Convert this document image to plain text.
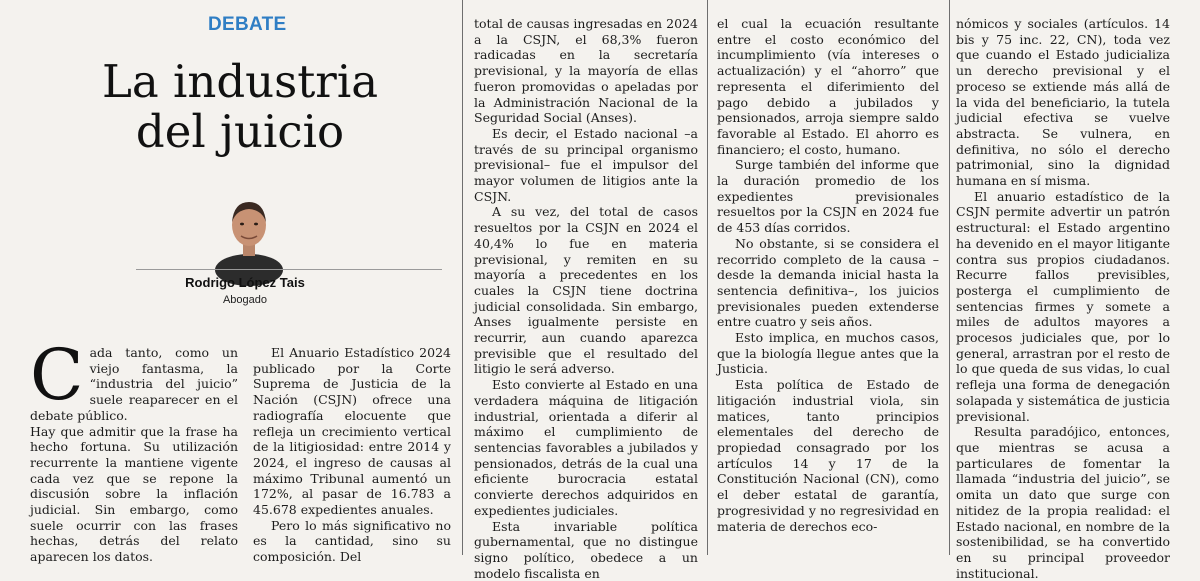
DEBATE
La industria
del juicio
Rodrigo López Tais
Abogado
C ada tanto, como un viejo fantasma, la “industria del juicio” suele reaparecer en el debate público.

Hay que admitir que la frase ha hecho fortuna. Su utilización recurrente la mantiene vigente cada vez que se repone la discusión sobre la inflación judicial. Sin embargo, como suele ocurrir con las frases hechas, detrás del relato aparecen los datos.

El Anuario Estadístico 2024 publicado por la Corte Suprema de Justicia de la Nación (CSJN) ofrece una radiografía elocuente que refleja un crecimiento vertical de la litigiosidad: entre 2014 y 2024, el ingreso de causas al máximo Tribunal aumentó un 172%, al pasar de 16.783 a 45.678 expedientes anuales.

Pero lo más significativo no es la cantidad, sino su composición. Del

total de causas ingresadas en 2024 a la CSJN, el 68,3% fueron radicadas en la secretaría previsional, y la mayoría de ellas fueron promovidas o apeladas por la Administración Nacional de la Seguridad Social (Anses).

Es decir, el Estado nacional –a través de su principal organismo previsional– fue el impulsor del mayor volumen de litigios ante la CSJN.

A su vez, del total de casos resueltos por la CSJN en 2024 el 40,4% lo fue en materia previsional, y remiten en su mayoría a precedentes en los cuales la CSJN tiene doctrina judicial consolidada. Sin embargo, Anses igualmente persiste en recurrir, aun cuando aparezca previsible que el resultado del litigio le será adverso.

Esto convierte al Estado en una verdadera máquina de litigación industrial, orientada a diferir al máximo el cumplimiento de sentencias favorables a jubilados y pensionados, detrás de la cual una eficiente burocracia estatal convierte derechos adquiridos en expedientes judiciales.

Esta invariable política gubernamental, que no distingue signo político, obedece a un modelo fiscalista en

el cual la ecuación resultante entre el costo económico del incumplimiento (vía intereses o actualización) y el “ahorro” que representa el diferimiento del pago debido a jubilados y pensionados, arroja siempre saldo favorable al Estado. El ahorro es financiero; el costo, humano.

Surge también del informe que la duración promedio de los expedientes previsionales resueltos por la CSJN en 2024 fue de 453 días corridos.

No obstante, si se considera el recorrido completo de la causa –desde la demanda inicial hasta la sentencia definitiva–, los juicios previsionales pueden extenderse entre cuatro y seis años.

Esto implica, en muchos casos, que la biología llegue antes que la Justicia.

Esta política de Estado de litigación industrial viola, sin matices, tanto principios elementales del derecho de propiedad consagrado por los artículos 14 y 17 de la Constitución Nacional (CN), como el deber estatal de garantía, progresividad y no regresividad en materia de derechos eco-

nómicos y sociales (artículos. 14 bis y 75 inc. 22, CN), toda vez que cuando el Estado judicializa un derecho previsional y el proceso se extiende más allá de la vida del beneficiario, la tutela judicial efectiva se vuelve abstracta. Se vulnera, en definitiva, no sólo el derecho patrimonial, sino la dignidad humana en sí misma.

El anuario estadístico de la CSJN permite advertir un patrón estructural: el Estado argentino ha devenido en el mayor litigante contra sus propios ciudadanos. Recurre fallos previsibles, posterga el cumplimiento de sentencias firmes y somete a miles de adultos mayores a procesos judiciales que, por lo general, arrastran por el resto de lo que queda de sus vidas, lo cual refleja una forma de denegación solapada y sistemática de justicia previsional.

Resulta paradójico, entonces, que mientras se acusa a particulares de fomentar la llamada “industria del juicio”, se omita un dato que surge con nitidez de la propia realidad: el Estado nacional, en nombre de la sostenibilidad, se ha convertido en su principal proveedor institucional.
